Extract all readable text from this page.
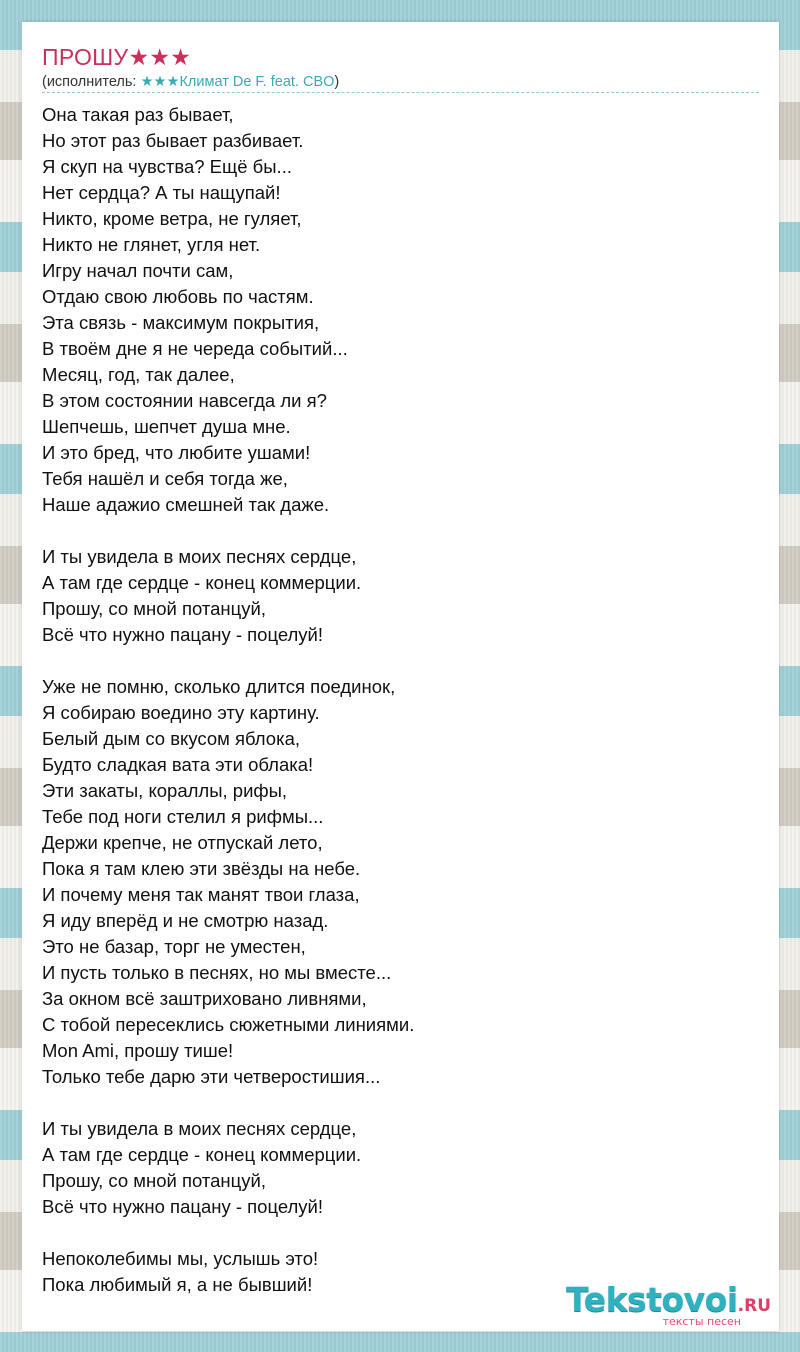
ПРОШУ★★★
(исполнитель: ★★★Климат De F. feat. CBO)
Она такая раз бывает,
Но этот раз бывает разбивает.
Я скуп на чувства? Ещё бы...
Нет сердца? А ты нащупай!
Никто, кроме ветра, не гуляет,
Никто не глянет, угля нет.
Игру начал почти сам,
Отдаю свою любовь по частям.
Эта связь - максимум покрытия,
В твоём дне я не череда событий...
Месяц, год, так далее,
В этом состоянии навсегда ли я?
Шепчешь, шепчет душа мне.
И это бред, что любите ушами!
Тебя нашёл и себя тогда же,
Наше адажио смешней так даже.
И ты увидела в моих песнях сердце,
А там где сердце - конец коммерции.
Прошу, со мной потанцуй,
Всё что нужно пацану - поцелуй!
Уже не помню, сколько длится поединок,
Я собираю воедино эту картину.
Белый дым со вкусом яблока,
Будто сладкая вата эти облака!
Эти закаты, кораллы, рифы,
Тебе под ноги стелил я рифмы...
Держи крепче, не отпускай лето,
Пока я там клею эти звёзды на небе.
И почему меня так манят твои глаза,
Я иду вперёд и не смотрю назад.
Это не базар, торг не уместен,
И пусть только в песнях, но мы вместе...
За окном всё заштриховано ливнями,
С тобой пересеклись сюжетными линиями.
Mon Ami, прошу тише!
Только тебе дарю эти четверостишия...
И ты увидела в моих песнях сердце,
А там где сердце - конец коммерции.
Прошу, со мной потанцуй,
Всё что нужно пацану - поцелуй!
Непоколебимы мы, услышь это!
Пока любимый я, а не бывший!	Tekstovoi.RU
тексты песен
